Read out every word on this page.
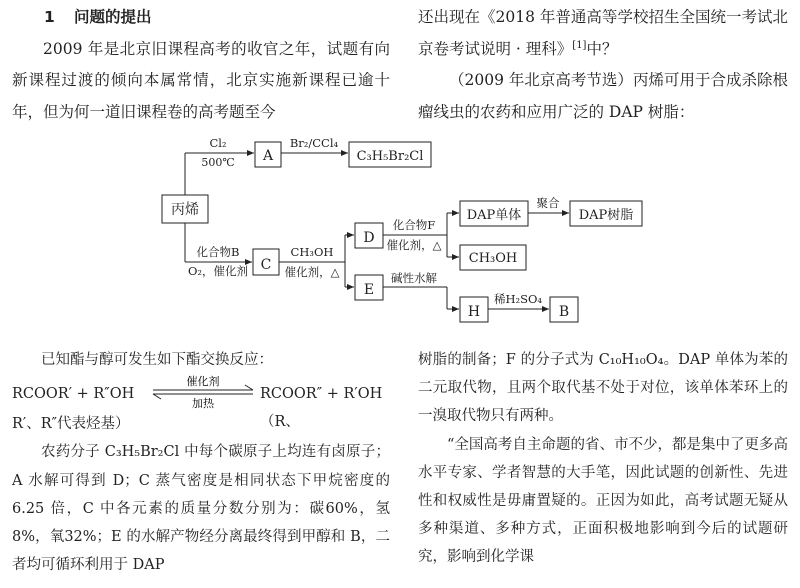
1 问题的提出

2009 年是北京旧课程高考的收官之年，试题有向新课程过渡的倾向本属常情，北京实施新课程已逾十年，但为何一道旧课程卷的高考题至今

还出现在《2018 年普通高等学校招生全国统一考试北京卷考试说明 · 理科》[1]中？

（2009 年北京高考节选）丙烯可用于合成杀除根瘤线虫的农药和应用广泛的 DAP 树脂：

丙烯
A
Cl₂
500℃
Br₂/CCl₄
C₃H₅Br₂Cl
C
化合物B
O₂，催化剂
CH₃OH
催化剂，△
D
E
化合物F
催化剂，△
DAP单体
聚合
DAP树脂
CH₃OH
碱性水解
H
稀H₂SO₄
B

已知酯与醇可发生如下酯交换反应：

RCOOR′ + R″OH
催化剂
加热
RCOOR″ + R′OH（R、

R′、R″代表烃基）

农药分子 C₃H₅Br₂Cl 中每个碳原子上均连有卤原子；A 水解可得到 D；C 蒸气密度是相同状态下甲烷密度的 6.25 倍，C 中各元素的质量分数分别为：碳60%，氢8%，氧32%；E 的水解产物经分离最终得到甲醇和 B，二者均可循环利用于 DAP

树脂的制备；F 的分子式为 C₁₀H₁₀O₄。DAP 单体为苯的二元取代物，且两个取代基不处于对位，该单体苯环上的一溴取代物只有两种。

“全国高考自主命题的省、市不少，都是集中了更多高水平专家、学者智慧的大手笔，因此试题的创新性、先进性和权威性是毋庸置疑的。正因为如此，高考试题无疑从多种渠道、多种方式，正面积极地影响到今后的试题研究，影响到化学课
